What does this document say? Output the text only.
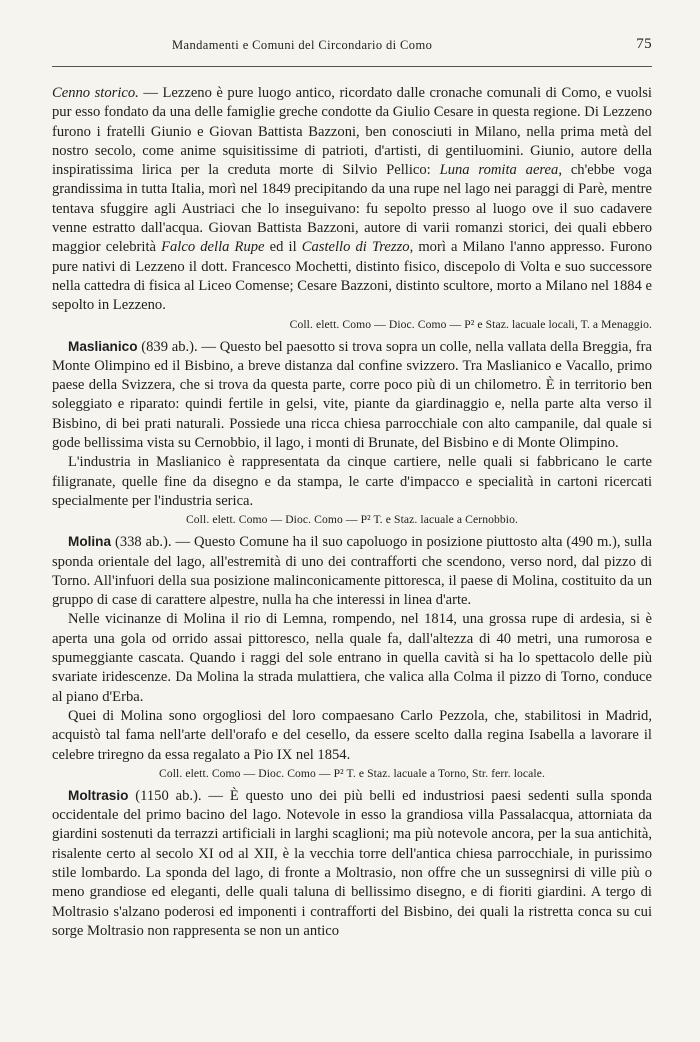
Mandamenti e Comuni del Circondario di Como	75

Cenno storico. — Lezzeno è pure luogo antico, ricordato dalle cronache comunali di Como, e vuolsi pur esso fondato da una delle famiglie greche condotte da Giulio Cesare in questa regione. Di Lezzeno furono i fratelli Giunio e Giovan Battista Bazzoni, ben conosciuti in Milano, nella prima metà del nostro secolo, come anime squisitissime di patrioti, d'artisti, di gentiluomini. Giunio, autore della inspiratissima lirica per la creduta morte di Silvio Pellico: Luna romita aerea, ch'ebbe voga grandissima in tutta Italia, morì nel 1849 precipitando da una rupe nel lago nei paraggi di Parè, mentre tentava sfuggire agli Austriaci che lo inseguivano: fu sepolto presso al luogo ove il suo cadavere venne estratto dall'acqua. Giovan Battista Bazzoni, autore di varii romanzi storici, dei quali ebbero maggior celebrità Falco della Rupe ed il Castello di Trezzo, morì a Milano l'anno appresso. Furono pure nativi di Lezzeno il dott. Francesco Mochetti, distinto fisico, discepolo di Volta e suo successore nella cattedra di fisica al Liceo Comense; Cesare Bazzoni, distinto scultore, morto a Milano nel 1884 e sepolto in Lezzeno.

Coll. elett. Como — Dioc. Como — P² e Staz. lacuale locali, T. a Menaggio.

Maslianico (839 ab.). — Questo bel paesotto si trova sopra un colle, nella vallata della Breggia, fra Monte Olimpino ed il Bisbino, a breve distanza dal confine svizzero. Tra Maslianico e Vacallo, primo paese della Svizzera, che si trova da questa parte, corre poco più di un chilometro. È in territorio ben soleggiato e riparato: quindi fertile in gelsi, vite, piante da giardinaggio e, nella parte alta verso il Bisbino, di bei prati naturali. Possiede una ricca chiesa parrocchiale con alto campanile, dal quale si gode bellissima vista su Cernobbio, il lago, i monti di Brunate, del Bisbino e di Monte Olimpino.

L'industria in Maslianico è rappresentata da cinque cartiere, nelle quali si fabbricano le carte filigranate, quelle fine da disegno e da stampa, le carte d'impacco e specialità in cartoni ricercati specialmente per l'industria serica.

Coll. elett. Como — Dioc. Como — P² T. e Staz. lacuale a Cernobbio.

Molina (338 ab.). — Questo Comune ha il suo capoluogo in posizione piuttosto alta (490 m.), sulla sponda orientale del lago, all'estremità di uno dei contrafforti che scendono, verso nord, dal pizzo di Torno. All'infuori della sua posizione malinconicamente pittoresca, il paese di Molina, costituito da un gruppo di case di carattere alpestre, nulla ha che interessi in linea d'arte.

Nelle vicinanze di Molina il rio di Lemna, rompendo, nel 1814, una grossa rupe di ardesia, si è aperta una gola od orrido assai pittoresco, nella quale fa, dall'altezza di 40 metri, una rumorosa e spumeggiante cascata. Quando i raggi del sole entrano in quella cavità si ha lo spettacolo delle più svariate iridescenze. Da Molina la strada mulattiera, che valica alla Colma il pizzo di Torno, conduce al piano d'Erba.

Quei di Molina sono orgogliosi del loro compaesano Carlo Pezzola, che, stabilitosi in Madrid, acquistò tal fama nell'arte dell'orafo e del cesello, da essere scelto dalla regina Isabella a lavorare il celebre triregno da essa regalato a Pio IX nel 1854.

Coll. elett. Como — Dioc. Como — P² T. e Staz. lacuale a Torno, Str. ferr. locale.

Moltrasio (1150 ab.). — È questo uno dei più belli ed industriosi paesi sedenti sulla sponda occidentale del primo bacino del lago. Notevole in esso la grandiosa villa Passalacqua, attorniata da giardini sostenuti da terrazzi artificiali in larghi scaglioni; ma più notevole ancora, per la sua antichità, risalente certo al secolo XI od al XII, è la vecchia torre dell'antica chiesa parrocchiale, in purissimo stile lombardo. La sponda del lago, di fronte a Moltrasio, non offre che un sussegnirsi di ville più o meno grandiose ed eleganti, delle quali taluna di bellissimo disegno, e di fioriti giardini. A tergo di Moltrasio s'alzano poderosi ed imponenti i contrafforti del Bisbino, dei quali la ristretta conca su cui sorge Moltrasio non rappresenta se non un antico
